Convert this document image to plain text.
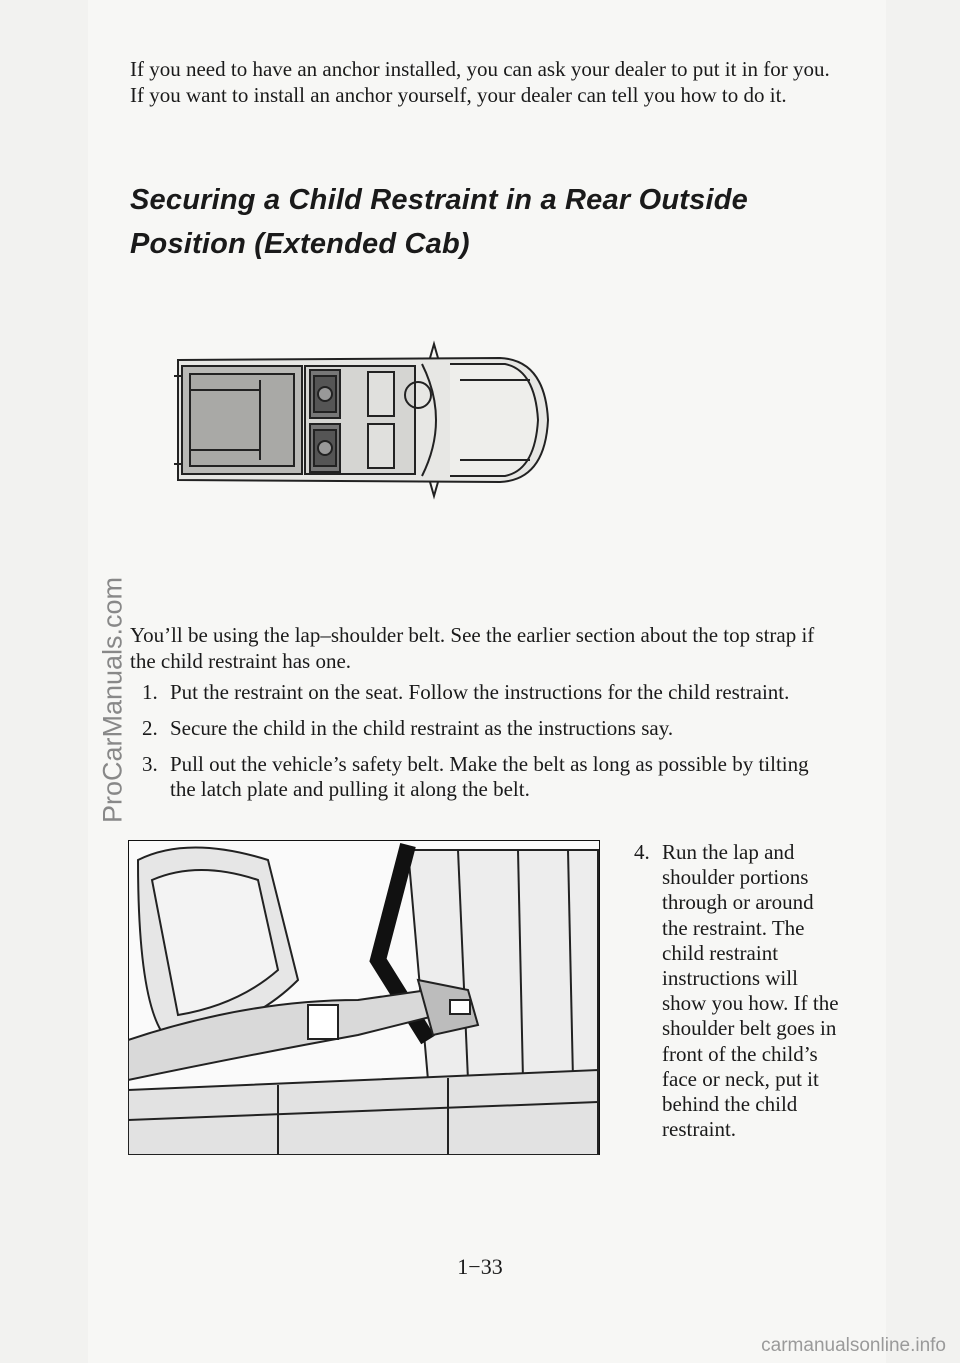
If you need to have an anchor installed, you can ask your dealer to put it in for you. If you want to install an anchor yourself, your dealer can tell you how to do it.

Securing a Child Restraint in a Rear Outside Position (Extended Cab)

You’ll be using the lap–shoulder belt. See the earlier section about the top strap if the child restraint has one.

1. Put the restraint on the seat. Follow the instructions for the child restraint.
2. Secure the child in the child restraint as the instructions say.
3. Pull out the vehicle’s safety belt. Make the belt as long as possible by tilting the latch plate and pulling it along the belt.
4. Run the lap and shoulder portions through or around the restraint. The child restraint instructions will show you how. If the shoulder belt goes in front of the child’s face or neck, put it behind the child restraint.
1−33
ProCarManuals.com
carmanualsonline.info
